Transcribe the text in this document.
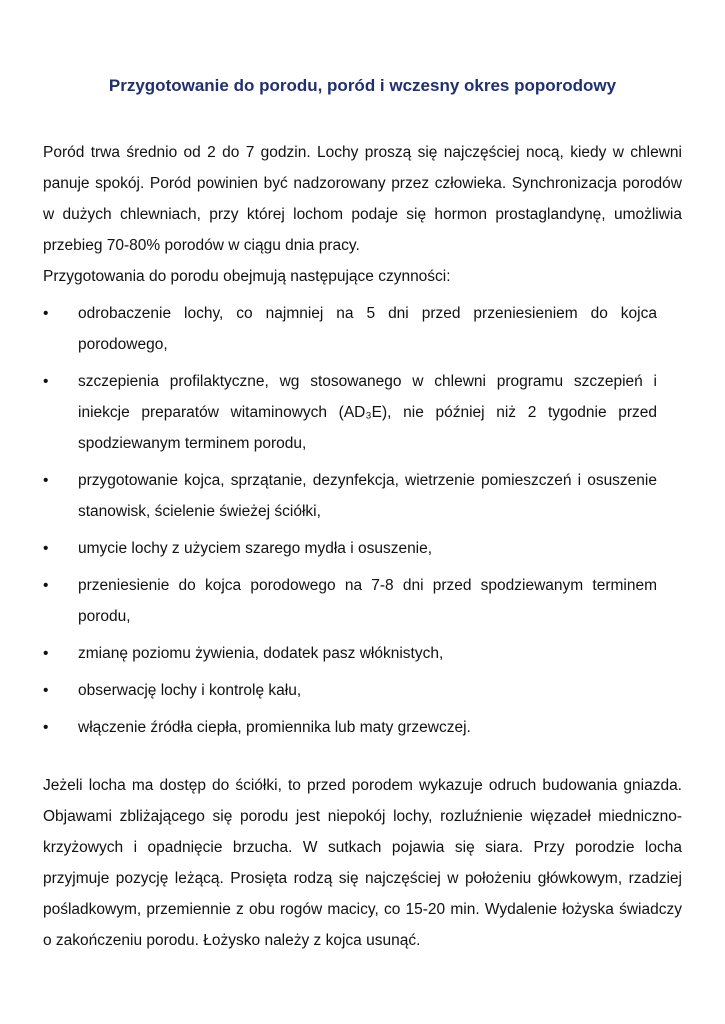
Przygotowanie do porodu, poród i wczesny okres poporodowy
Poród trwa średnio od 2 do 7 godzin. Lochy proszą się najczęściej nocą, kiedy w chlewni panuje spokój. Poród powinien być nadzorowany przez człowieka. Synchronizacja porodów w dużych chlewniach, przy której lochom podaje się hormon prostaglandynę, umożliwia przebieg 70-80% porodów w ciągu dnia pracy.
Przygotowania do porodu obejmują następujące czynności:
•	odrobaczenie lochy, co najmniej na 5 dni przed przeniesieniem do kojca porodowego,
•	szczepienia profilaktyczne, wg stosowanego w chlewni programu szczepień i iniekcje preparatów witaminowych (AD₃E), nie później niż 2 tygodnie przed spodziewanym terminem porodu,
•	przygotowanie kojca, sprzątanie, dezynfekcja, wietrzenie pomieszczeń i osuszenie stanowisk, ścielenie świeżej ściółki,
•	umycie lochy z użyciem szarego mydła i osuszenie,
•	przeniesienie do kojca porodowego na 7-8 dni przed spodziewanym terminem porodu,
•	zmianę poziomu żywienia, dodatek pasz włóknistych,
•	obserwację lochy i kontrolę kału,
•	włączenie źródła ciepła, promiennika lub maty grzewczej.
Jeżeli locha ma dostęp do ściółki, to przed porodem wykazuje odruch budowania gniazda. Objawami zbliżającego się porodu jest niepokój lochy, rozluźnienie więzadeł miedniczno-krzyżowych i opadnięcie brzucha. W sutkach pojawia się siara. Przy porodzie locha przyjmuje pozycję leżącą. Prosięta rodzą się najczęściej w położeniu główkowym, rzadziej pośladkowym, przemiennie z obu rogów macicy, co 15-20 min. Wydalenie łożyska świadczy o zakończeniu porodu. Łożysko należy z kojca usunąć.
